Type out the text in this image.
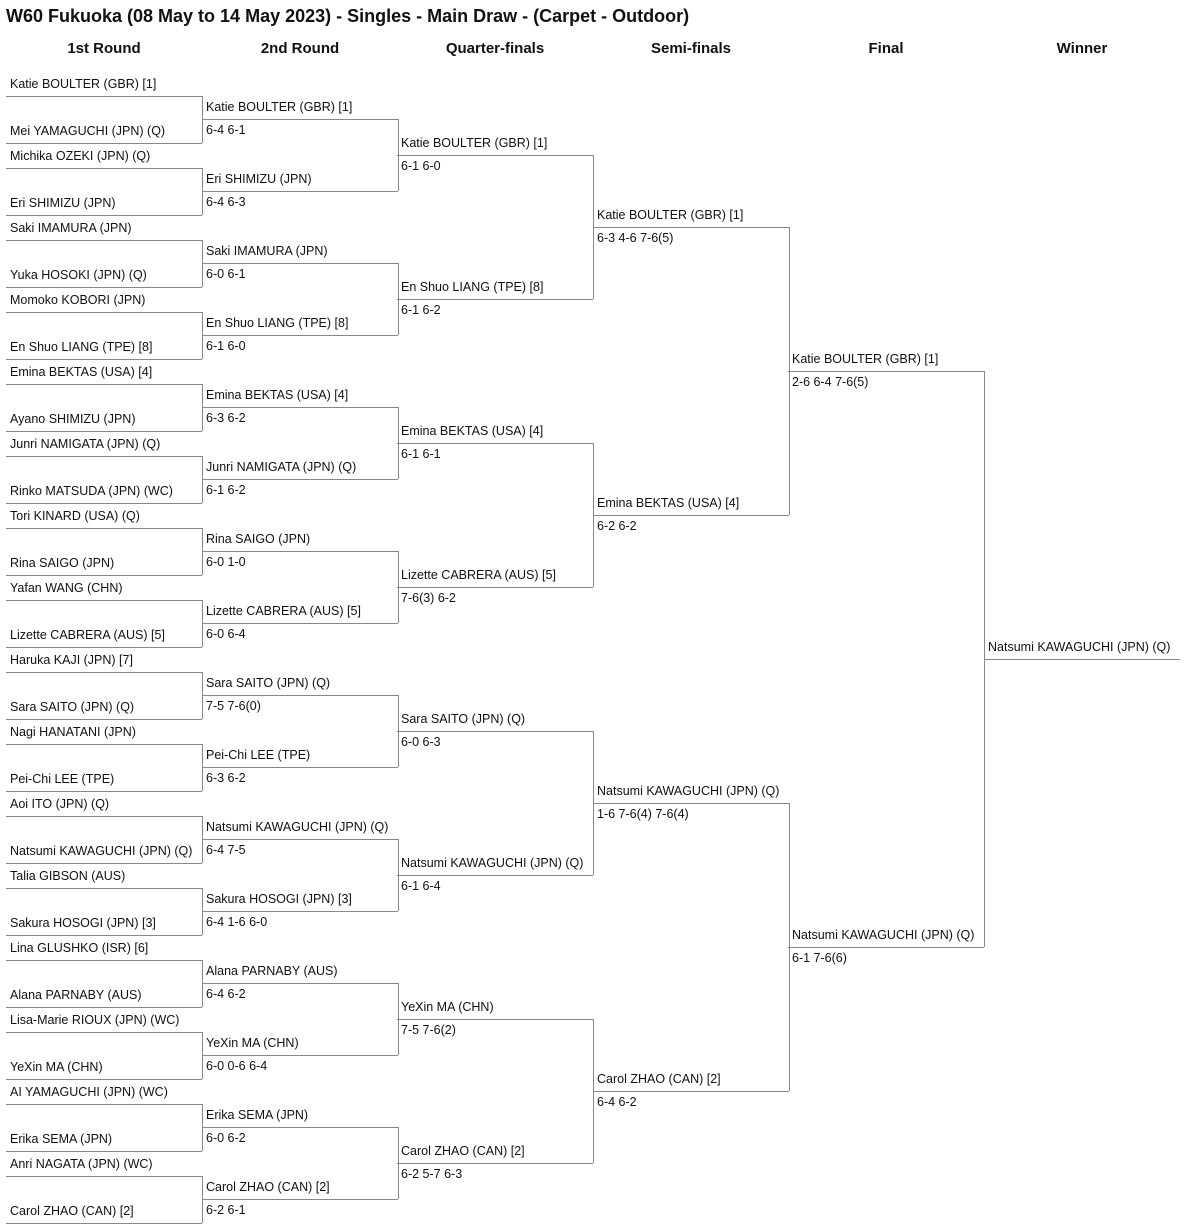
W60 Fukuoka (08 May to 14 May 2023) - Singles - Main Draw - (Carpet - Outdoor)
1st Round	2nd Round	Quarter-finals	Semi-finals	Final	Winner
Katie BOULTER (GBR) [1]
Mei YAMAGUCHI (JPN) (Q)
Michika OZEKI (JPN) (Q)
Eri SHIMIZU (JPN)
Saki IMAMURA (JPN)
Yuka HOSOKI (JPN) (Q)
Momoko KOBORI (JPN)
En Shuo LIANG (TPE) [8]
Emina BEKTAS (USA) [4]
Ayano SHIMIZU (JPN)
Junri NAMIGATA (JPN) (Q)
Rinko MATSUDA (JPN) (WC)
Tori KINARD (USA) (Q)
Rina SAIGO (JPN)
Yafan WANG (CHN)
Lizette CABRERA (AUS) [5]
Haruka KAJI (JPN) [7]
Sara SAITO (JPN) (Q)
Nagi HANATANI (JPN)
Pei-Chi LEE (TPE)
Aoi ITO (JPN) (Q)
Natsumi KAWAGUCHI (JPN) (Q)
Talia GIBSON (AUS)
Sakura HOSOGI (JPN) [3]
Lina GLUSHKO (ISR) [6]
Alana PARNABY (AUS)
Lisa-Marie RIOUX (JPN) (WC)
YeXin MA (CHN)
AI YAMAGUCHI (JPN) (WC)
Erika SEMA (JPN)
Anri NAGATA (JPN) (WC)
Carol ZHAO (CAN) [2]
Katie BOULTER (GBR) [1]
6-4 6-1
Eri SHIMIZU (JPN)
6-4 6-3
Saki IMAMURA (JPN)
6-0 6-1
En Shuo LIANG (TPE) [8]
6-1 6-0
Emina BEKTAS (USA) [4]
6-3 6-2
Junri NAMIGATA (JPN) (Q)
6-1 6-2
Rina SAIGO (JPN)
6-0 1-0
Lizette CABRERA (AUS) [5]
6-0 6-4
Sara SAITO (JPN) (Q)
7-5 7-6(0)
Pei-Chi LEE (TPE)
6-3 6-2
Natsumi KAWAGUCHI (JPN) (Q)
6-4 7-5
Sakura HOSOGI (JPN) [3]
6-4 1-6 6-0
Alana PARNABY (AUS)
6-4 6-2
YeXin MA (CHN)
6-0 0-6 6-4
Erika SEMA (JPN)
6-0 6-2
Carol ZHAO (CAN) [2]
6-2 6-1
Katie BOULTER (GBR) [1]
6-1 6-0
En Shuo LIANG (TPE) [8]
6-1 6-2
Emina BEKTAS (USA) [4]
6-1 6-1
Lizette CABRERA (AUS) [5]
7-6(3) 6-2
Sara SAITO (JPN) (Q)
6-0 6-3
Natsumi KAWAGUCHI (JPN) (Q)
6-1 6-4
YeXin MA (CHN)
7-5 7-6(2)
Carol ZHAO (CAN) [2]
6-2 5-7 6-3
Katie BOULTER (GBR) [1]
6-3 4-6 7-6(5)
Emina BEKTAS (USA) [4]
6-2 6-2
Natsumi KAWAGUCHI (JPN) (Q)
1-6 7-6(4) 7-6(4)
Carol ZHAO (CAN) [2]
6-4 6-2
Katie BOULTER (GBR) [1]
2-6 6-4 7-6(5)
Natsumi KAWAGUCHI (JPN) (Q)
6-1 7-6(6)
Natsumi KAWAGUCHI (JPN) (Q)
